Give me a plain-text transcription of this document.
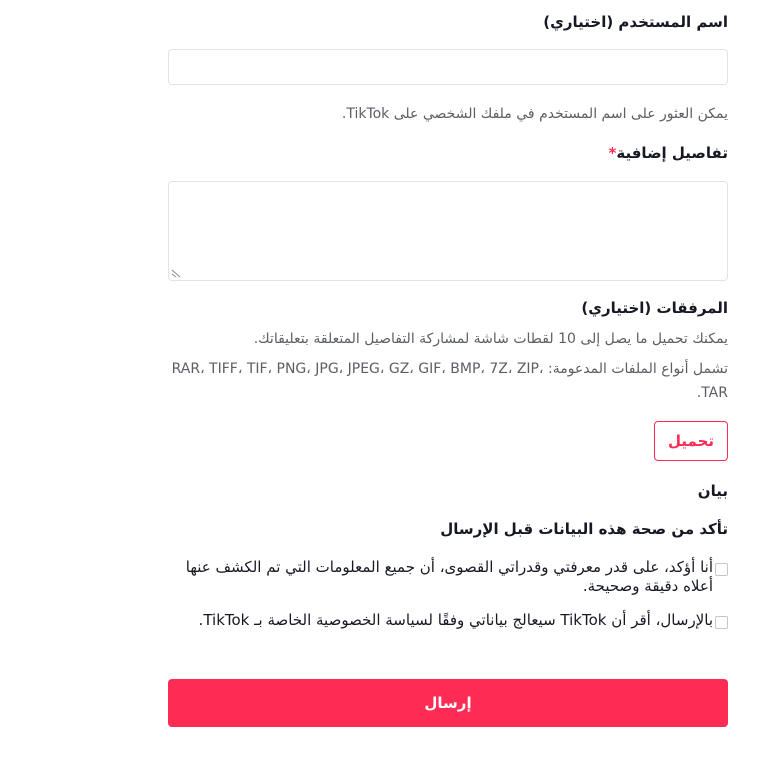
اسم المستخدم (اختياري)
يمكن العثور على اسم المستخدم في ملفك الشخصي على TikTok.
تفاصيل إضافية*
المرفقات (اختياري)
يمكنك تحميل ما يصل إلى 10 لقطات شاشة لمشاركة التفاصيل المتعلقة بتعليقاتك.
تشمل أنواع الملفات المدعومة: RAR، TIFF، TIF، PNG، JPG، JPEG، GZ، GIF، BMP، 7Z، ZIP، TAR.
تحميل
بيان
تأكد من صحة هذه البيانات قبل الإرسال
أنا أؤكد، على قدر معرفتي وقدراتي القصوى، أن جميع المعلومات التي تم الكشف عنها أعلاه دقيقة وصحيحة.
بالإرسال، أقر أن TikTok سيعالج بياناتي وفقًا لسياسة الخصوصية الخاصة بـ TikTok.
إرسال
